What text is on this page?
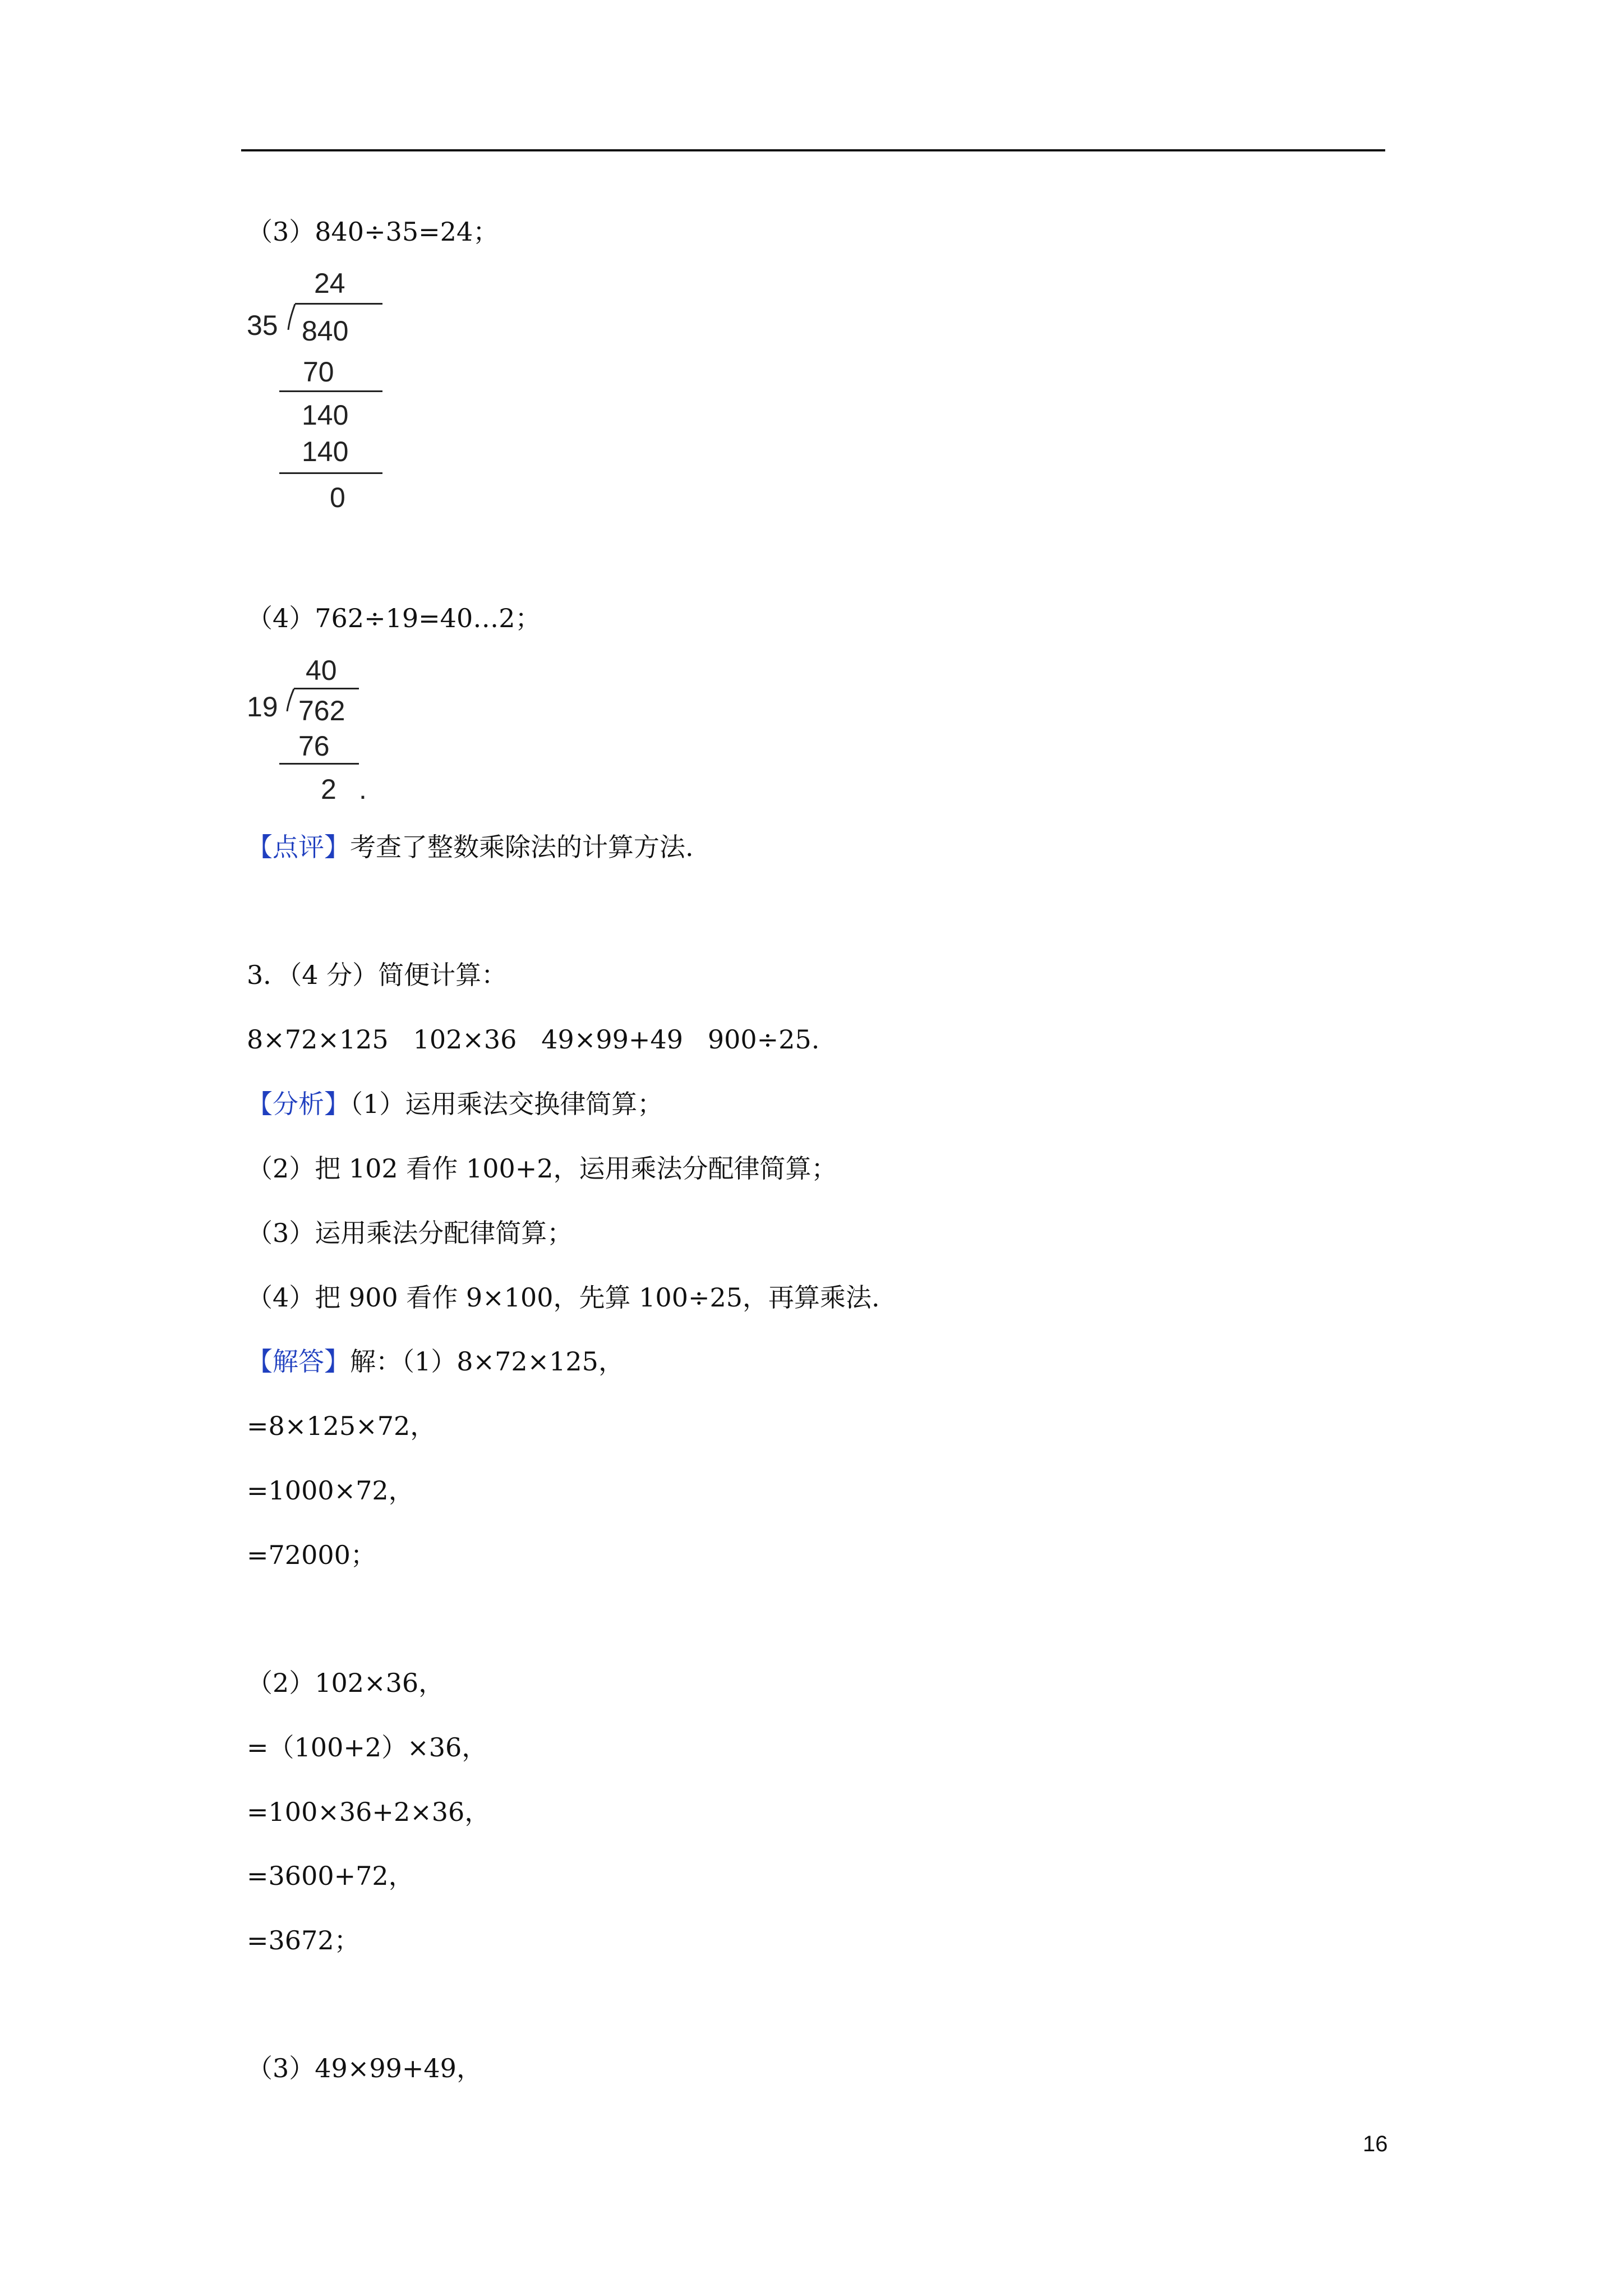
（3）840÷35=24；
24
35 840
70
140
140
0
（4）762÷19=40…2；
40
19 762
76
2 .
【点评】考查了整数乘除法的计算方法.
3．（4 分）简便计算：
8×72×125   102×36   49×99+49   900÷25.
【分析】（1）运用乘法交换律简算；
（2）把 102 看作 100+2，运用乘法分配律简算；
（3）运用乘法分配律简算；
（4）把 900 看作 9×100，先算 100÷25，再算乘法.
【解答】解：（1）8×72×125，
=8×125×72，
=1000×72，
=72000；
（2）102×36，
=（100+2）×36，
=100×36+2×36，
=3600+72，
=3672；
（3）49×99+49，
16
